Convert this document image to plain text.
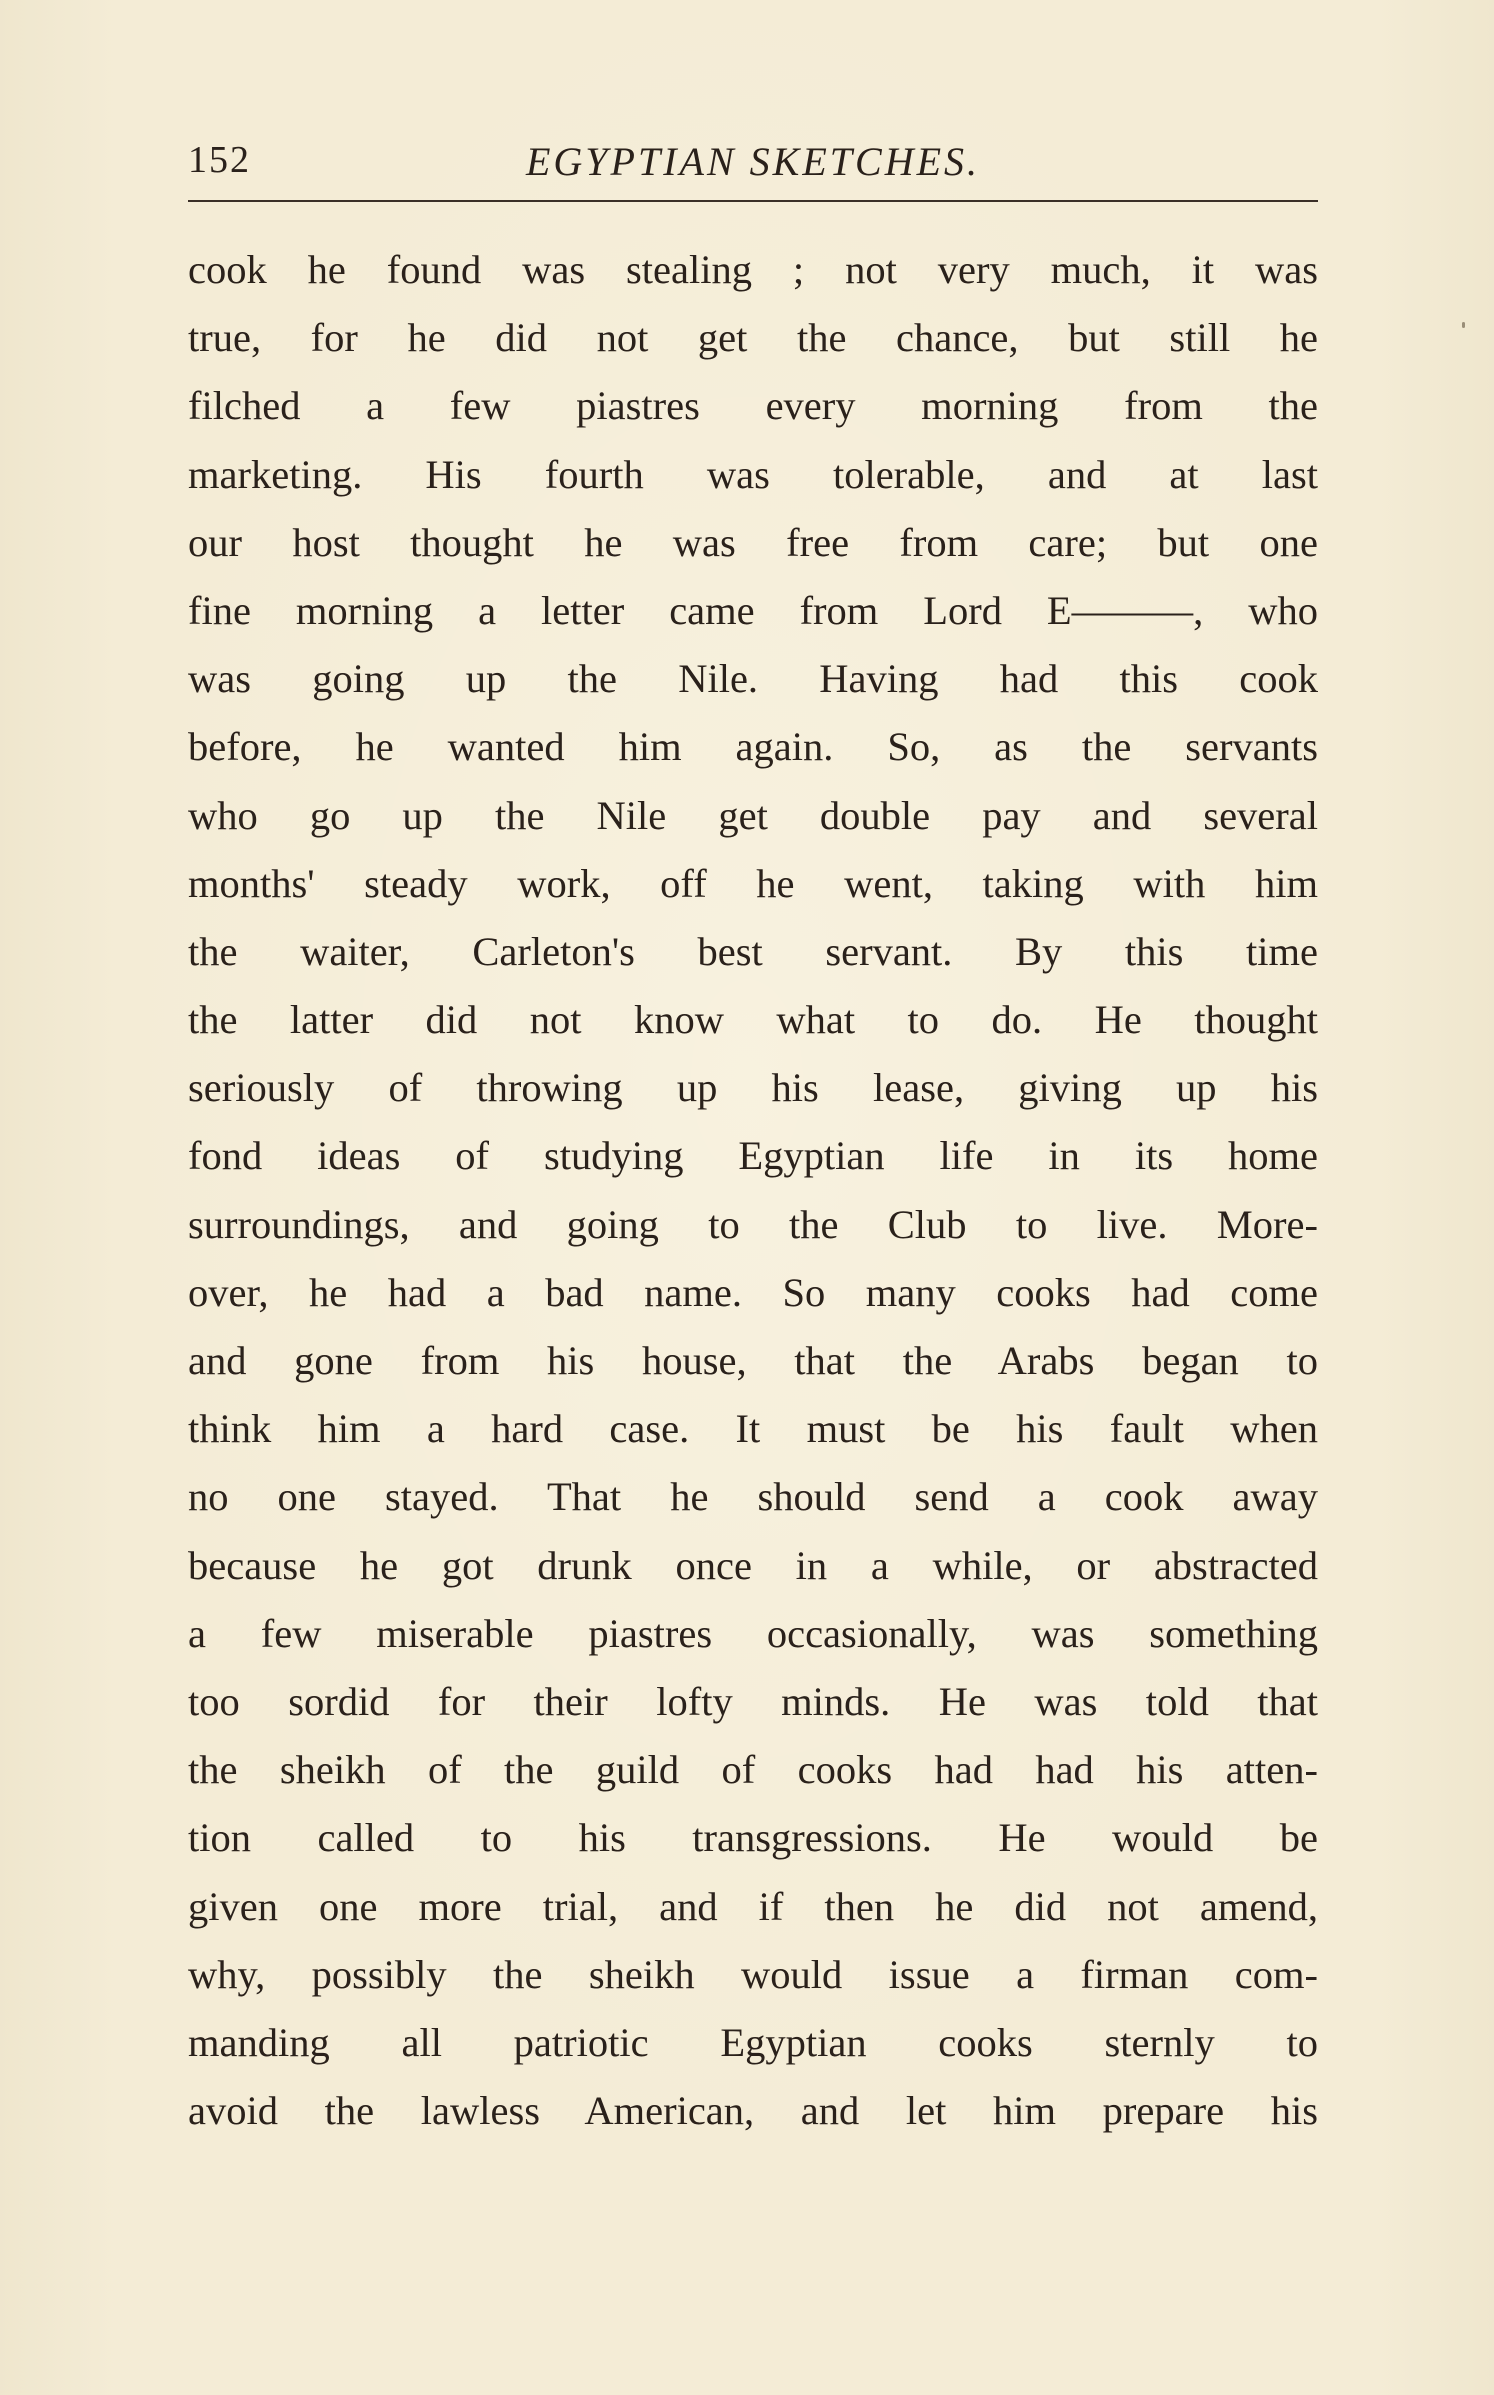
152	EGYPTIAN SKETCHES.
cook he found was stealing ; not very much, it was
true, for he did not get the chance, but still he
filched a few piastres every morning from the
marketing. His fourth was tolerable, and at last
our host thought he was free from care; but one
fine morning a letter came from Lord E———, who
was going up the Nile. Having had this cook
before, he wanted him again. So, as the servants
who go up the Nile get double pay and several
months' steady work, off he went, taking with him
the waiter, Carleton's best servant. By this time
the latter did not know what to do. He thought
seriously of throwing up his lease, giving up his
fond ideas of studying Egyptian life in its home
surroundings, and going to the Club to live. More-
over, he had a bad name. So many cooks had come
and gone from his house, that the Arabs began to
think him a hard case. It must be his fault when
no one stayed. That he should send a cook away
because he got drunk once in a while, or abstracted
a few miserable piastres occasionally, was something
too sordid for their lofty minds. He was told that
the sheikh of the guild of cooks had had his atten-
tion called to his transgressions. He would be
given one more trial, and if then he did not amend,
why, possibly the sheikh would issue a firman com-
manding all patriotic Egyptian cooks sternly to
avoid the lawless American, and let him prepare his
